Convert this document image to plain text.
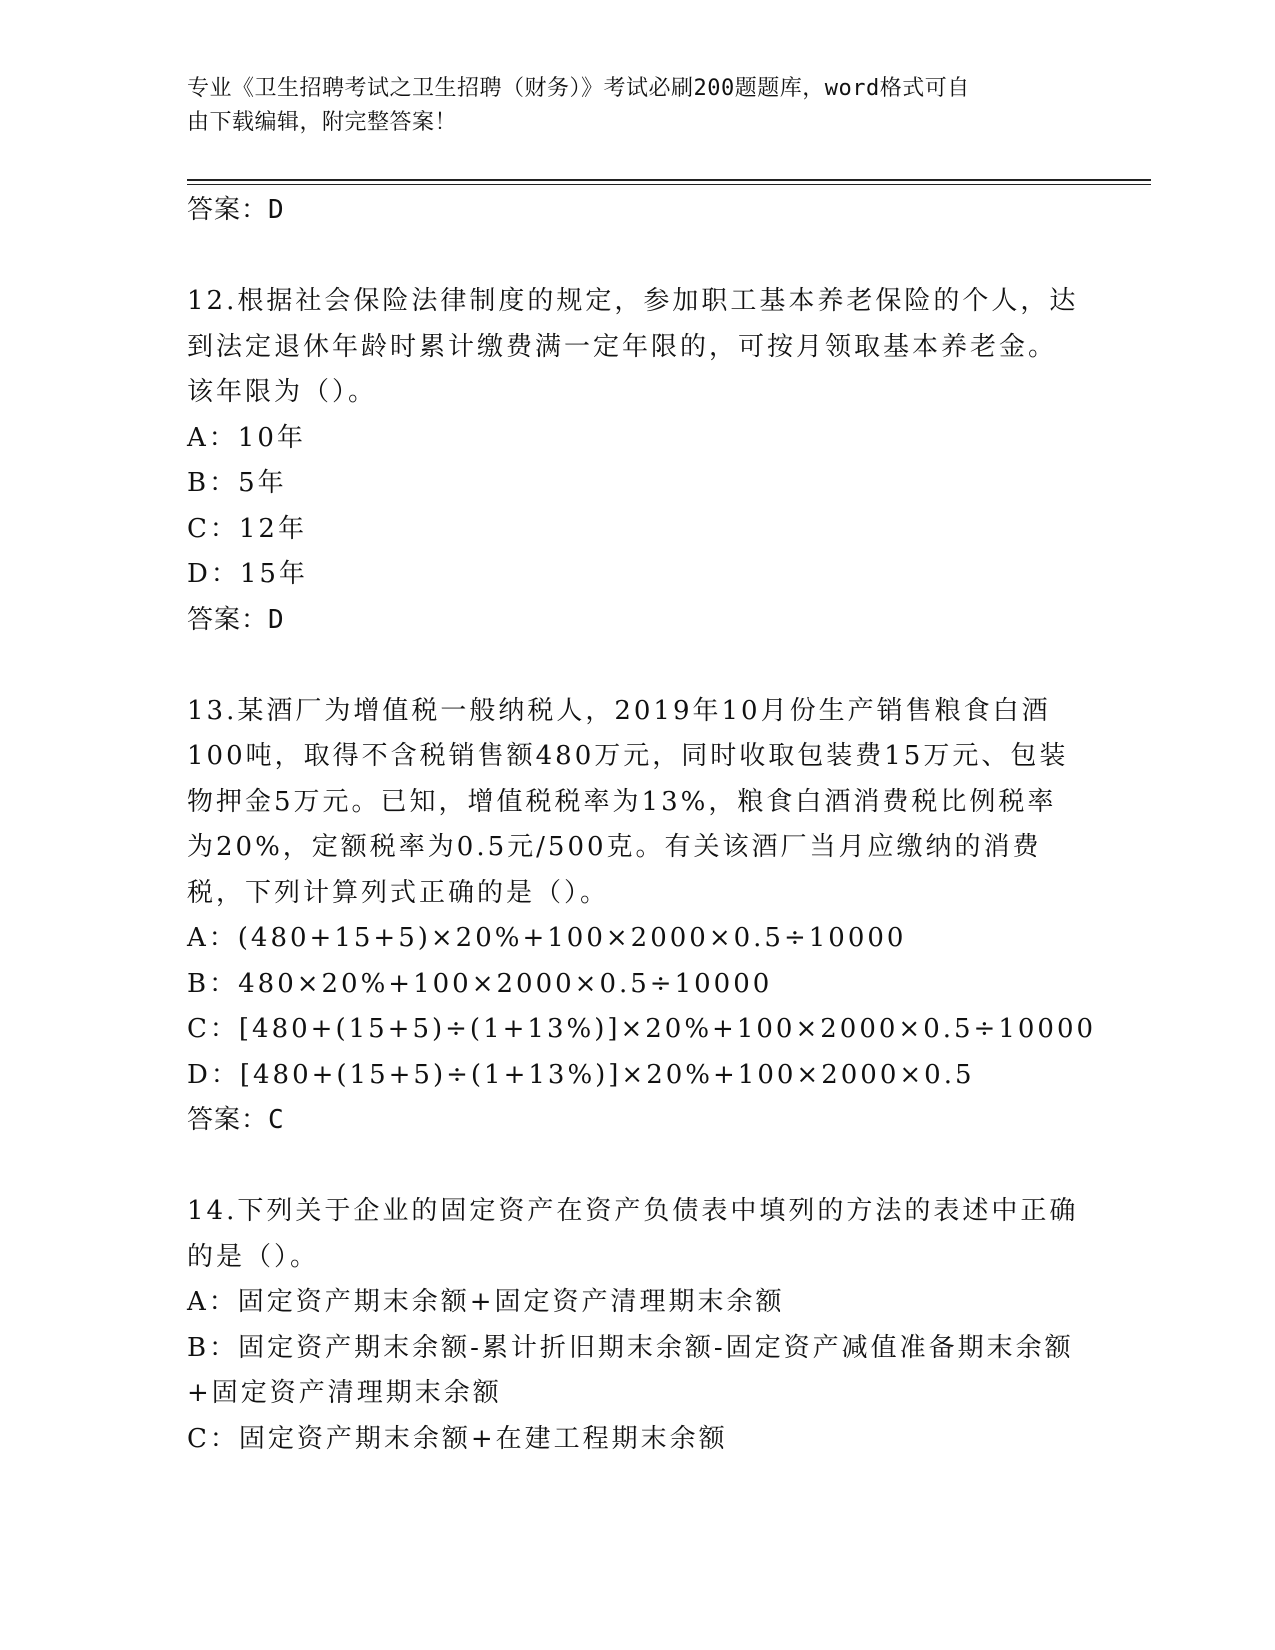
专业《卫生招聘考试之卫生招聘（财务）》考试必刷200题题库，word格式可自
由下载编辑，附完整答案！
答案：D
12.根据社会保险法律制度的规定，参加职工基本养老保险的个人，达
到法定退休年龄时累计缴费满一定年限的，可按月领取基本养老金。
该年限为（）。
A：10年
B：5年
C：12年
D：15年
答案：D
13.某酒厂为增值税一般纳税人，2019年10月份生产销售粮食白酒
100吨，取得不含税销售额480万元，同时收取包装费15万元、包装
物押金5万元。已知，增值税税率为13%，粮食白酒消费税比例税率
为20%，定额税率为0.5元/500克。有关该酒厂当月应缴纳的消费
税，下列计算列式正确的是（）。
A：(480+15+5)×20%+100×2000×0.5÷10000
B：480×20%+100×2000×0.5÷10000
C：[480+(15+5)÷(1+13%)]×20%+100×2000×0.5÷10000
D：[480+(15+5)÷(1+13%)]×20%+100×2000×0.5
答案：C
14.下列关于企业的固定资产在资产负债表中填列的方法的表述中正确
的是（）。
A：固定资产期末余额+固定资产清理期末余额
B：固定资产期末余额-累计折旧期末余额-固定资产减值准备期末余额
+固定资产清理期末余额
C：固定资产期末余额+在建工程期末余额
